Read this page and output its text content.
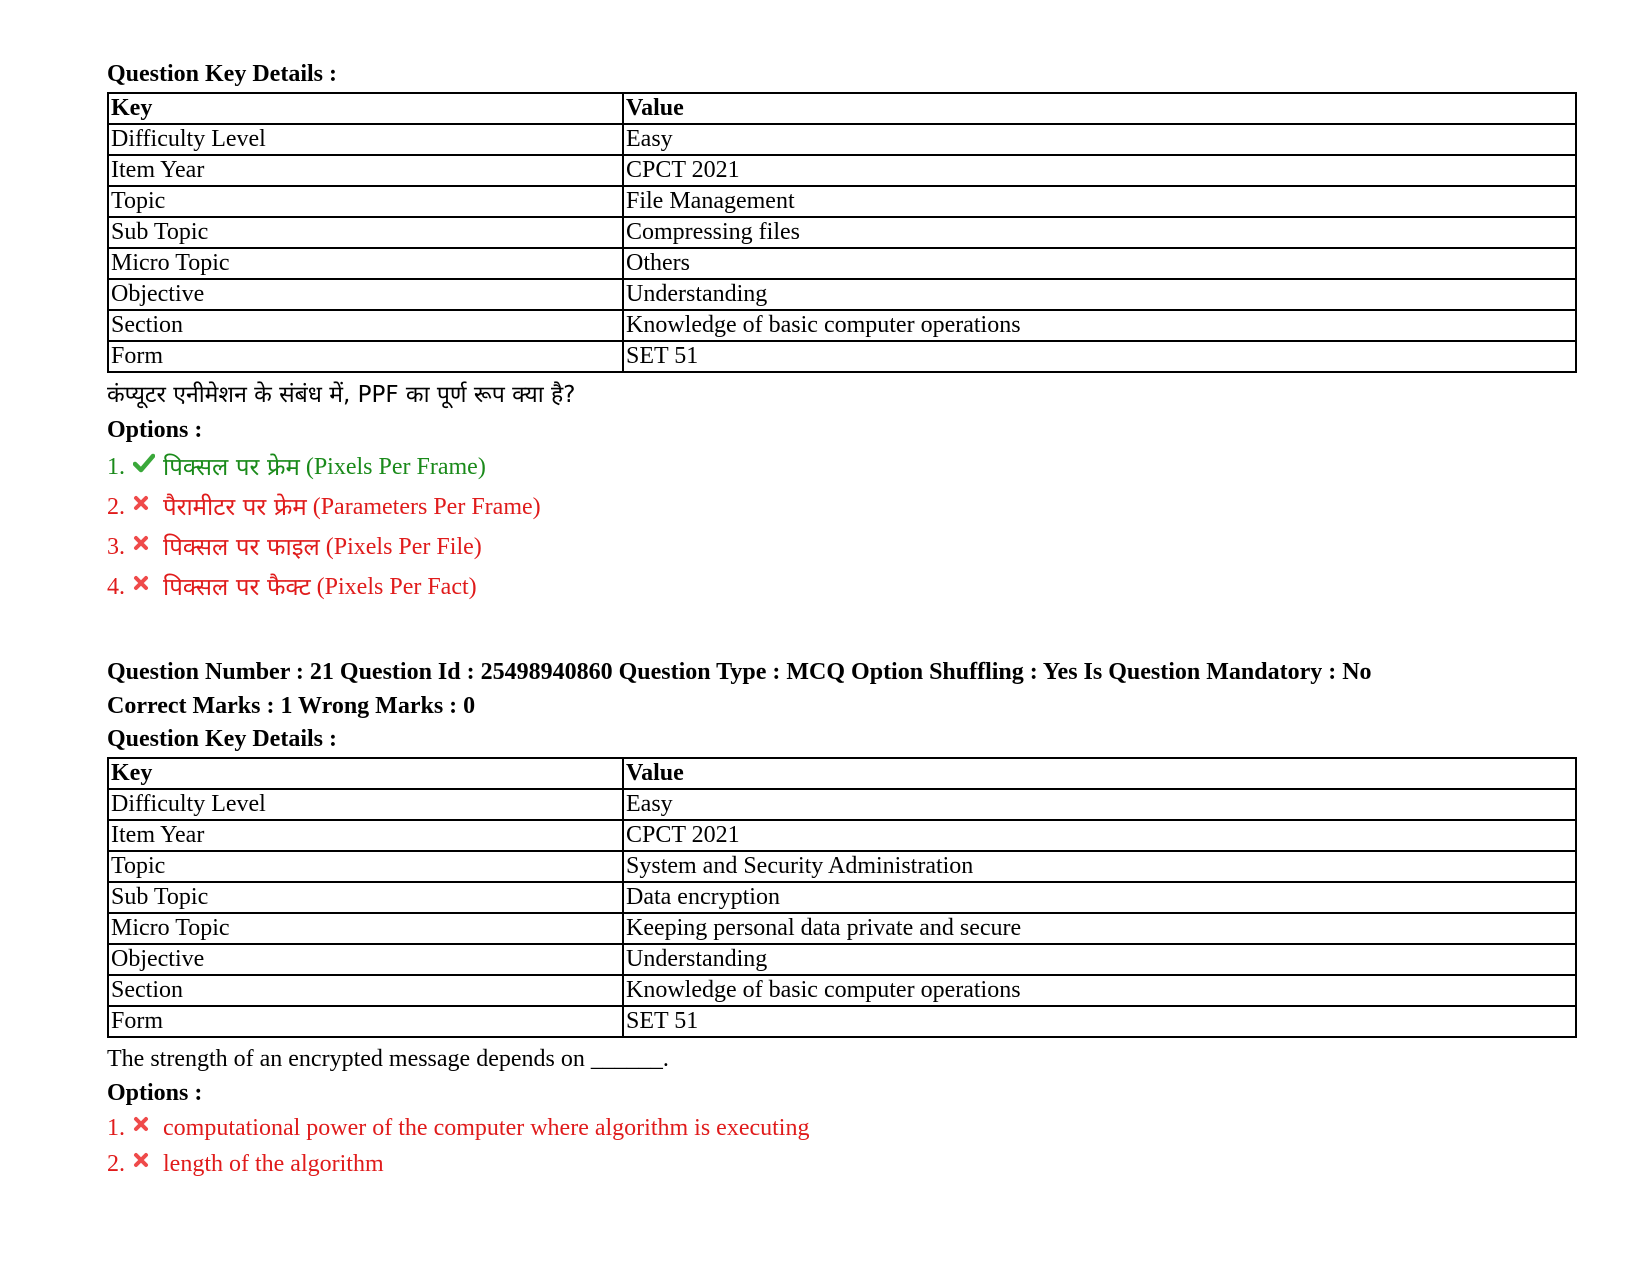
Question Key Details :

Key	Value
Difficulty Level	Easy
Item Year	CPCT 2021
Topic	File Management
Sub Topic	Compressing files
Micro Topic	Others
Objective	Understanding
Section	Knowledge of basic computer operations
Form	SET 51

कंप्यूटर एनीमेशन के संबंध में, PPF का पूर्ण रूप क्या है?

Options :

1.	पिक्सल पर फ्रेम (Pixels Per Frame)
2.	पैरामीटर पर फ्रेम (Parameters Per Frame)
3.	पिक्सल पर फाइल (Pixels Per File)
4.	पिक्सल पर फैक्ट (Pixels Per Fact)

Question Number : 21 Question Id : 25498940860 Question Type : MCQ Option Shuffling : Yes Is Question Mandatory : No

Correct Marks : 1 Wrong Marks : 0

Question Key Details :

Key	Value
Difficulty Level	Easy
Item Year	CPCT 2021
Topic	System and Security Administration
Sub Topic	Data encryption
Micro Topic	Keeping personal data private and secure
Objective	Understanding
Section	Knowledge of basic computer operations
Form	SET 51

The strength of an encrypted message depends on ______.

Options :

1.	computational power of the computer where algorithm is executing
2.	length of the algorithm
